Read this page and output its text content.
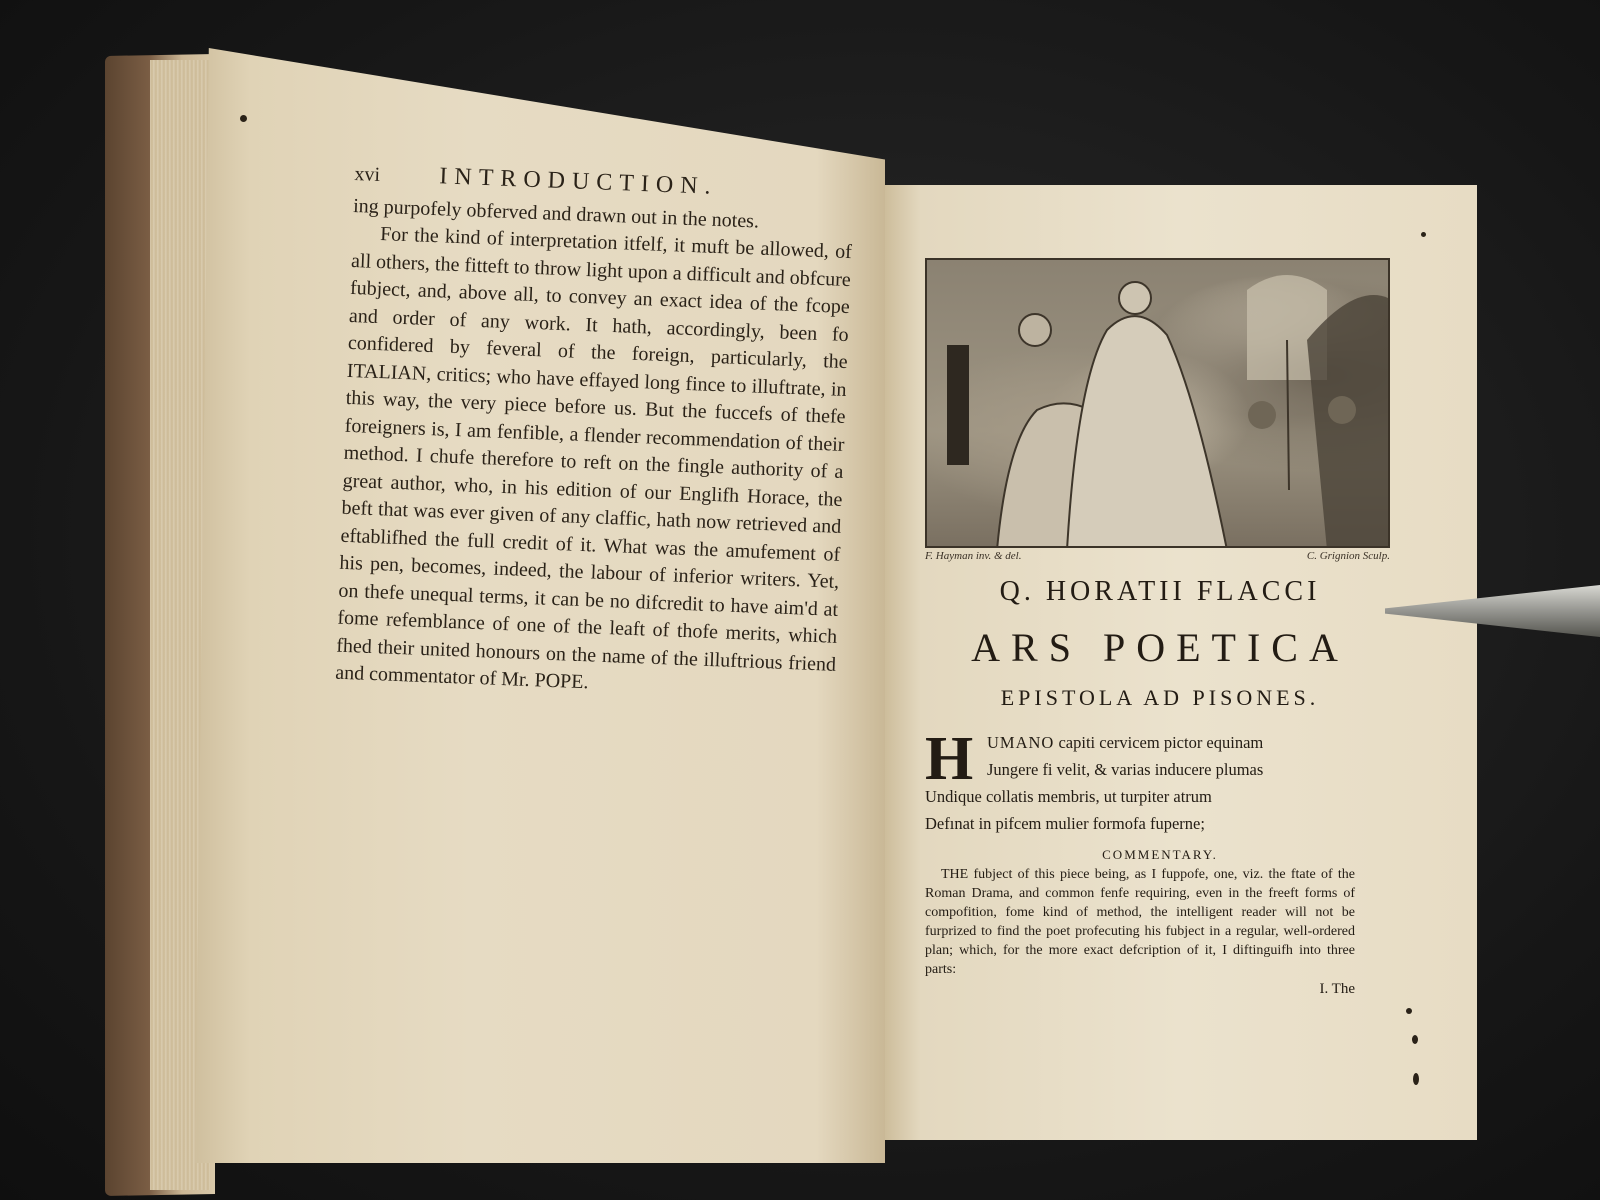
xvi	INTRODUCTION.

ing purpofely obferved and drawn out in the notes.

For the kind of interpretation itfelf, it muft be allowed, of all others, the fitteft to throw light upon a difficult and obfcure fubject, and, above all, to convey an exact idea of the fcope and order of any work. It hath, accordingly, been fo confidered by feveral of the foreign, particularly, the ITALIAN, critics; who have effayed long fince to illuftrate, in this way, the very piece before us. But the fuccefs of thefe foreigners is, I am fenfible, a flender recommendation of their method. I chufe therefore to reft on the fingle authority of a great author, who, in his edition of our Englifh Horace, the beft that was ever given of any claffic, hath now retrieved and eftablifhed the full credit of it. What was the amufement of his pen, becomes, indeed, the labour of inferior writers. Yet, on thefe unequal terms, it can be no difcredit to have aim'd at fome refemblance of one of the leaft of thofe merits, which fhed their united honours on the name of the illuftrious friend and commentator of Mr. POPE.

F. Hayman inv. & del.	C. Grignion Sculp.
Q. HORATII FLACCI
ARS POETICA
EPISTOLA AD PISONES.
H UMANO capiti cervicem pictor equinam
Jungere fi velit, & varias inducere plumas
Undique collatis membris, ut turpiter atrum
Defınat in pifcem mulier formofa fuperne;
COMMENTARY.

THE fubject of this piece being, as I fuppofe, one, viz. the ftate of the Roman Drama, and common fenfe requiring, even in the freeft forms of compofition, fome kind of method, the intelligent reader will not be furprized to find the poet profecuting his fubject in a regular, well-ordered plan; which, for the more exact defcription of it, I diftinguifh into three parts:

I. The
